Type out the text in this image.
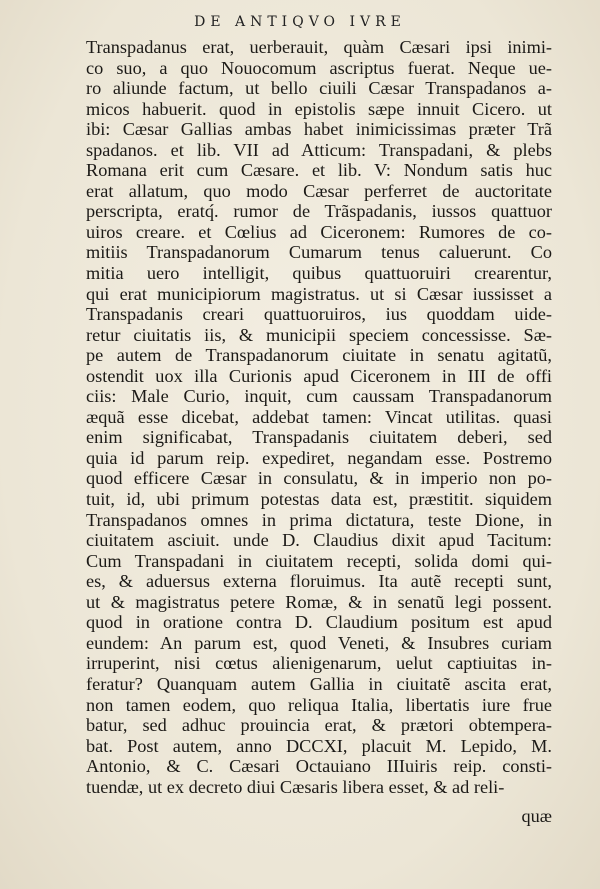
DE ANTIQVO IVRE
Transpadanus erat, uerberauit, quàm Cæsari ipsi inimi-
co suo, a quo Nouocomum ascriptus fuerat. Neque ue-
ro aliunde factum, ut bello ciuili Cæsar Transpadanos a-
micos habuerit. quod in epistolis sæpe innuit Cicero. ut
ibi: Cæsar Gallias ambas habet inimicissimas præter Trã
spadanos. et lib. VII ad Atticum: Transpadani, & plebs
Romana erit cum Cæsare. et lib. V: Nondum satis huc
erat allatum, quo modo Cæsar perferret de auctoritate
perscripta, eratq́. rumor de Trãspadanis, iussos quattuor
uiros creare. et Cœlius ad Ciceronem: Rumores de co-
mitiis Transpadanorum Cumarum tenus caluerunt. Co
mitia uero intelligit, quibus quattuoruiri crearentur,
qui erat municipiorum magistratus. ut si Cæsar iussisset a
Transpadanis creari quattuoruiros, ius quoddam uide-
retur ciuitatis iis, & municipii speciem concessisse. Sæ-
pe autem de Transpadanorum ciuitate in senatu agitatũ,
ostendit uox illa Curionis apud Ciceronem in III de offi
ciis: Male Curio, inquit, cum caussam Transpadanorum
æquã esse dicebat, addebat tamen: Vincat utilitas. quasi
enim significabat, Transpadanis ciuitatem deberi, sed
quia id parum reip. expediret, negandam esse. Postremo
quod efficere Cæsar in consulatu, & in imperio non po-
tuit, id, ubi primum potestas data est, præstitit. siquidem
Transpadanos omnes in prima dictatura, teste Dione, in
ciuitatem asciuit. unde D. Claudius dixit apud Tacitum:
Cum Transpadani in ciuitatem recepti, solida domi qui-
es, & aduersus externa floruimus. Ita autẽ recepti sunt,
ut & magistratus petere Romæ, & in senatũ legi possent.
quod in oratione contra D. Claudium positum est apud
eundem: An parum est, quod Veneti, & Insubres curiam
irruperint, nisi cœtus alienigenarum, uelut captiuitas in-
feratur? Quanquam autem Gallia in ciuitatẽ ascita erat,
non tamen eodem, quo reliqua Italia, libertatis iure frue
batur, sed adhuc prouincia erat, & prætori obtempera-
bat. Post autem, anno DCCXI, placuit M. Lepido, M.
Antonio, & C. Cæsari Octauiano IIIuiris reip. consti-
tuendæ, ut ex decreto diui Cæsaris libera esset, & ad reli-
quæ
